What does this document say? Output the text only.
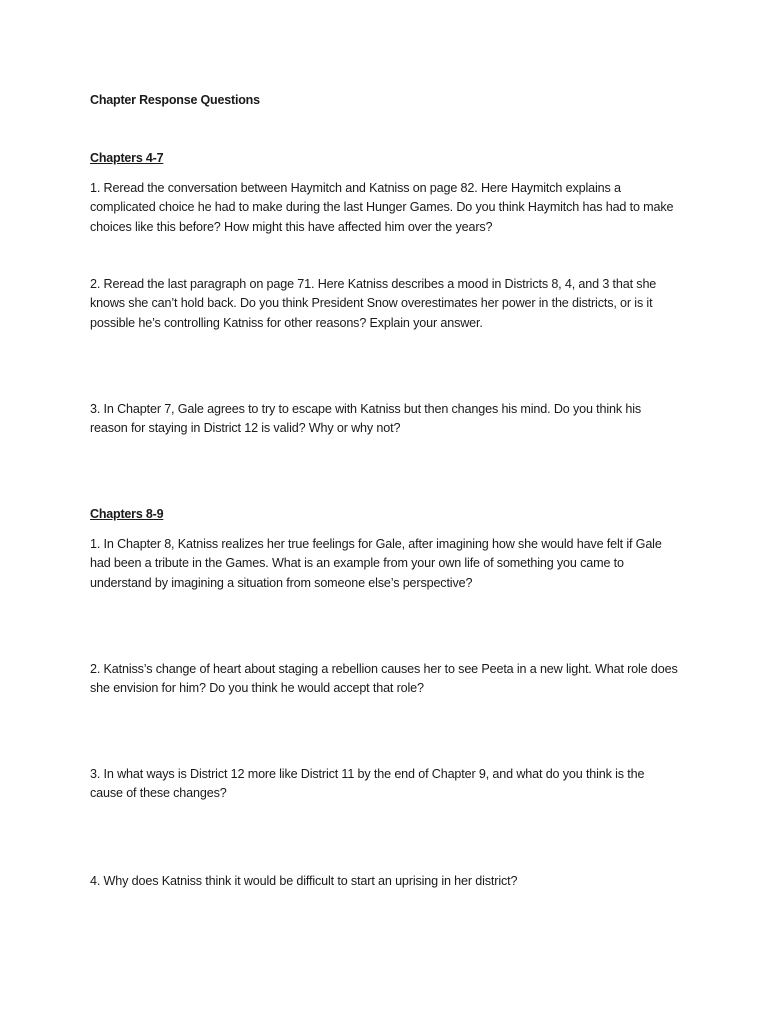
Chapter Response Questions
Chapters 4-7

1. Reread the conversation between Haymitch and Katniss on page 82. Here Haymitch explains a complicated choice he had to make during the last Hunger Games. Do you think Haymitch has had to make choices like this before? How might this have affected him over the years?

2. Reread the last paragraph on page 71. Here Katniss describes a mood in Districts 8, 4, and 3 that she knows she can’t hold back. Do you think President Snow overestimates her power in the districts, or is it possible he’s controlling Katniss for other reasons? Explain your answer.

3. In Chapter 7, Gale agrees to try to escape with Katniss but then changes his mind. Do you think his reason for staying in District 12 is valid? Why or why not?

Chapters 8-9

1. In Chapter 8, Katniss realizes her true feelings for Gale, after imagining how she would have felt if Gale had been a tribute in the Games. What is an example from your own life of something you came to understand by imagining a situation from someone else’s perspective?

2. Katniss’s change of heart about staging a rebellion causes her to see Peeta in a new light. What role does she envision for him? Do you think he would accept that role?

3. In what ways is District 12 more like District 11 by the end of Chapter 9, and what do you think is the cause of these changes?

4. Why does Katniss think it would be difficult to start an uprising in her district?
